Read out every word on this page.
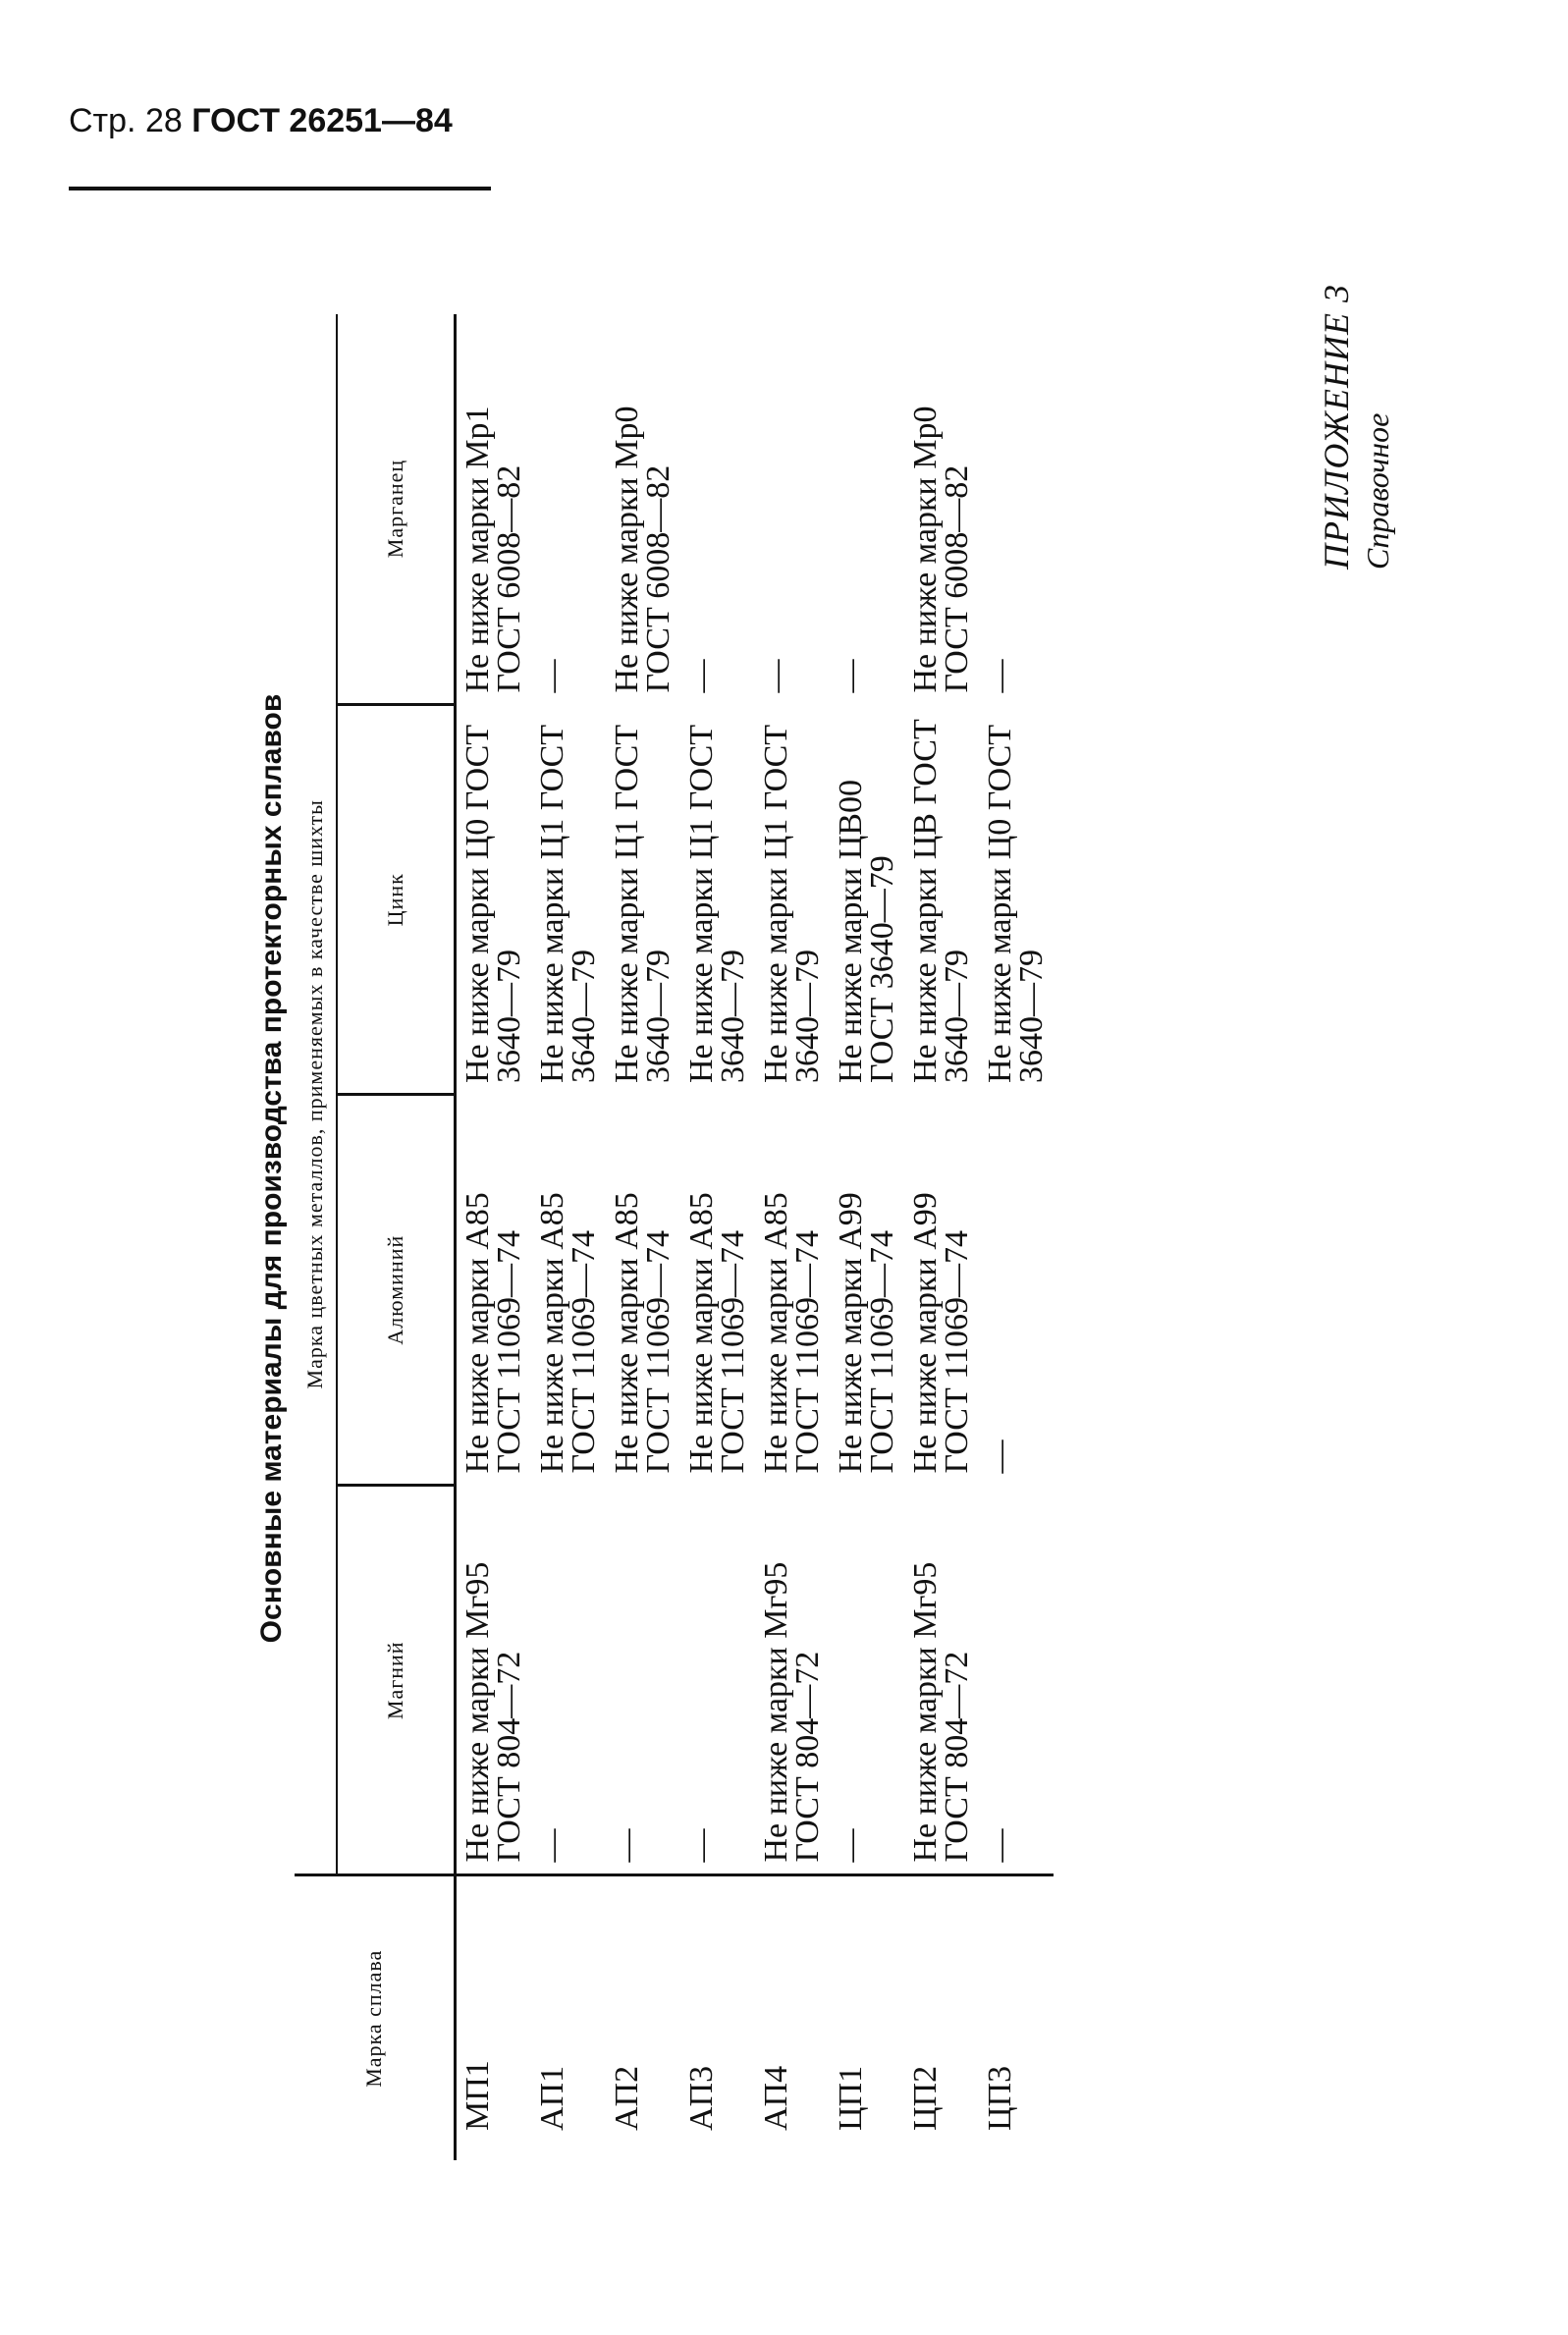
Стр. 28 ГОСТ 26251—84
ПРИЛОЖЕНИЕ 3 Справочное
Основные материалы для производства протекторных сплавов
Марка сплава	Марка цветных металлов, применяемых в качестве шихты			
	Магний	Алюминий	Цинк	Марганец
МП1	Не ниже марки Мг95 ГОСТ 804—72	Не ниже марки А85 ГОСТ 11069—74	Не ниже марки Ц0 ГОСТ 3640—79	Не ниже марки Мр1 ГОСТ 6008—82
АП1	—	Не ниже марки А85 ГОСТ 11069—74	Не ниже марки Ц1 ГОСТ 3640—79	—
АП2	—	Не ниже марки А85 ГОСТ 11069—74	Не ниже марки Ц1 ГОСТ 3640—79	Не ниже марки Мр0 ГОСТ 6008—82
АП3	—	Не ниже марки А85 ГОСТ 11069—74	Не ниже марки Ц1 ГОСТ 3640—79	—
АП4	Не ниже марки Мг95 ГОСТ 804—72	Не ниже марки А85 ГОСТ 11069—74	Не ниже марки Ц1 ГОСТ 3640—79	—
ЦП1	—	Не ниже марки А99 ГОСТ 11069—74	Не ниже марки ЦВ00 ГОСТ 3640—79	—
ЦП2	Не ниже марки Мг95 ГОСТ 804—72	Не ниже марки А99 ГОСТ 11069—74	Не ниже марки ЦВ ГОСТ 3640—79	Не ниже марки Мр0 ГОСТ 6008—82
ЦП3	—	—	Не ниже марки Ц0 ГОСТ 3640—79	—
